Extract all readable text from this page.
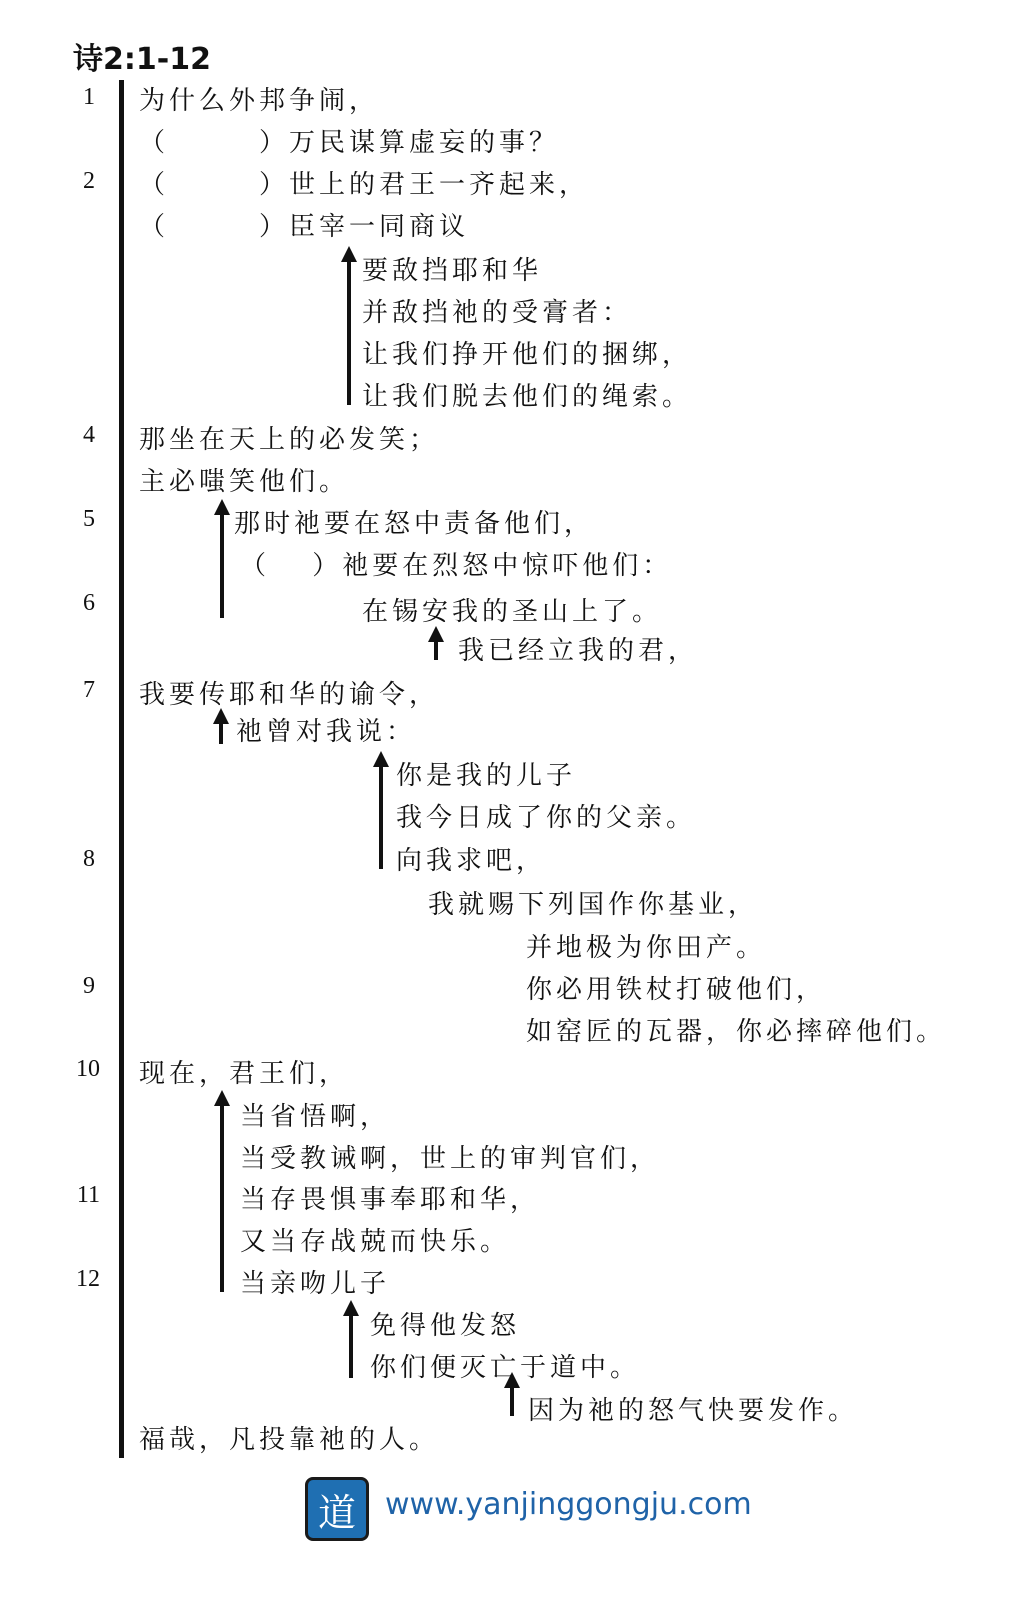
诗2:1-12
1
2
4
5
6
7
8
9
10
11
12
为什么外邦争闹，
（　　　）万民谋算虚妄的事？
（　　　）世上的君王一齐起来，
（　　　）臣宰一同商议
要敌挡耶和华
并敌挡祂的受膏者：
让我们挣开他们的捆绑，
让我们脱去他们的绳索。
那坐在天上的必发笑；
主必嗤笑他们。
那时祂要在怒中责备他们，
（　 ）祂要在烈怒中惊吓他们：
在锡安我的圣山上了。
我已经立我的君，
我要传耶和华的谕令，
祂曾对我说：
你是我的儿子
我今日成了你的父亲。
向我求吧，
我就赐下列国作你基业，
并地极为你田产。
你必用铁杖打破他们，
如窑匠的瓦器，你必摔碎他们。
现在，君王们，
当省悟啊，
当受教诫啊，世上的审判官们，
当存畏惧事奉耶和华，
又当存战兢而快乐。
当亲吻儿子
免得他发怒
你们便灭亡于道中。
因为祂的怒气快要发作。
福哉，凡投靠祂的人。
道 www.yanjinggongju.com
